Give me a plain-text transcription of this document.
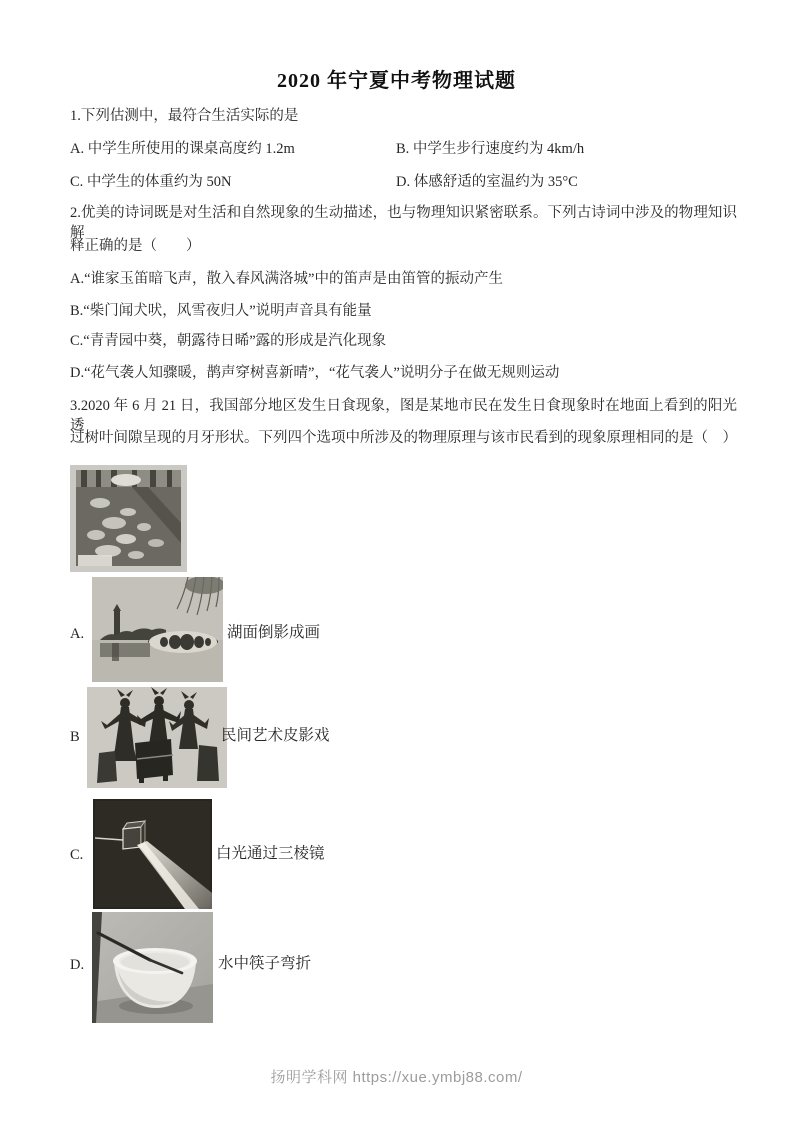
2020 年宁夏中考物理试题
1.下列估测中，最符合生活实际的是
A. 中学生所使用的课桌高度约 1.2m	B. 中学生步行速度约为 4km/h
C. 中学生的体重约为 50N	D. 体感舒适的室温约为 35°C
2.优美的诗词既是对生活和自然现象的生动描述，也与物理知识紧密联系。下列古诗词中涉及的物理知识解
释正确的是（　　）
A.“谁家玉笛暗飞声，散入春风满洛城”中的笛声是由笛管的振动产生
B.“柴门闻犬吠，风雪夜归人”说明声音具有能量
C.“青青园中葵，朝露待日晞”露的形成是汽化现象
D.“花气袭人知骤暖，鹊声穿树喜新晴”，“花气袭人”说明分子在做无规则运动
3.2020 年 6 月 21 日，我国部分地区发生日食现象，图是某地市民在发生日食现象时在地面上看到的阳光透
过树叶间隙呈现的月牙形状。下列四个选项中所涉及的物理原理与该市民看到的现象原理相同的是（　）
A.	湖面倒影成画
B	民间艺术皮影戏
C.	白光通过三棱镜
D.	水中筷子弯折
扬明学科网 https://xue.ymbj88.com/
